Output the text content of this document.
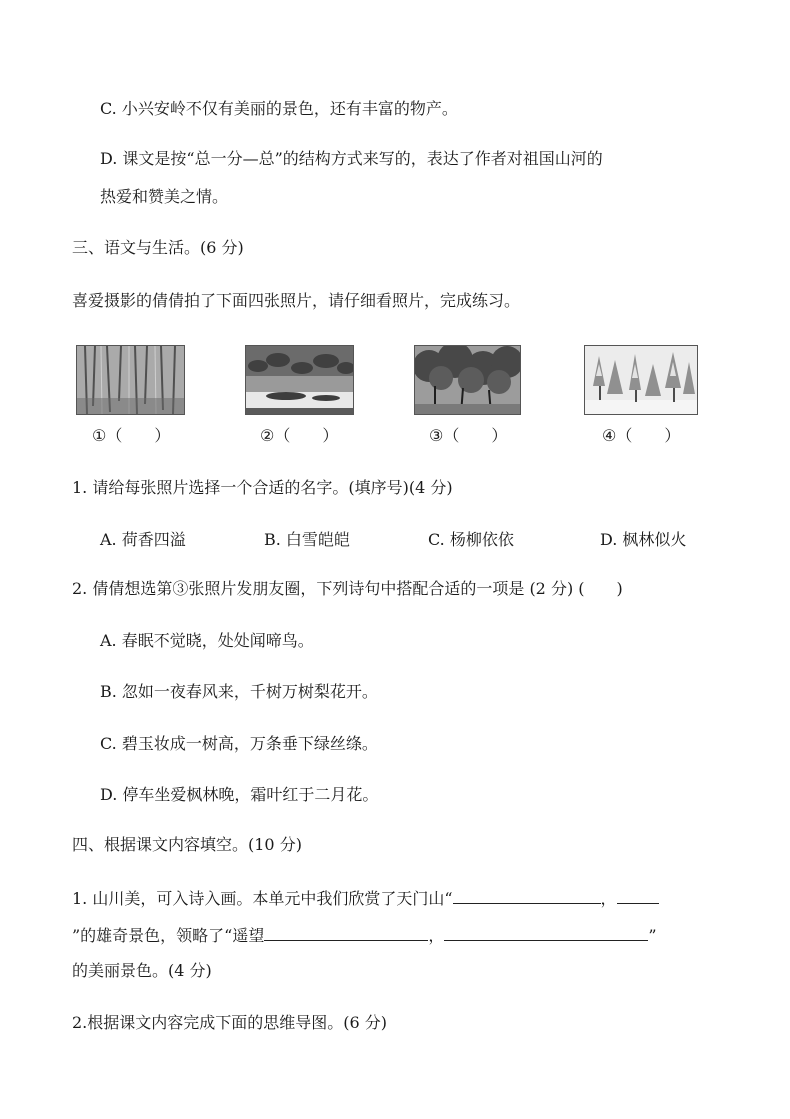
C. 小兴安岭不仅有美丽的景色，还有丰富的物产。
D. 课文是按“总一分—总”的结构方式来写的，表达了作者对祖国山河的
热爱和赞美之情。
三、语文与生活。(6 分)
喜爱摄影的倩倩拍了下面四张照片，请仔细看照片，完成练习。
①（　　）	②（　　）	③（　　）	④（　　）
1. 请给每张照片选择一个合适的名字。(填序号)(4 分)
A. 荷香四溢	B. 白雪皑皑	C. 杨柳依依	D. 枫林似火
2. 倩倩想选第③张照片发朋友圈，下列诗句中搭配合适的一项是 (2 分) (　　)
A. 春眠不觉晓，处处闻啼鸟。
B. 忽如一夜春风来，千树万树梨花开。
C. 碧玉妆成一树高，万条垂下绿丝绦。
D. 停车坐爱枫林晚，霜叶红于二月花。
四、根据课文内容填空。(10 分)
1. 山川美，可入诗入画。本单元中我们欣赏了天门山“	，
”的雄奇景色，领略了“遥望	，	”
的美丽景色。(4 分)
2.根据课文内容完成下面的思维导图。(6 分)
